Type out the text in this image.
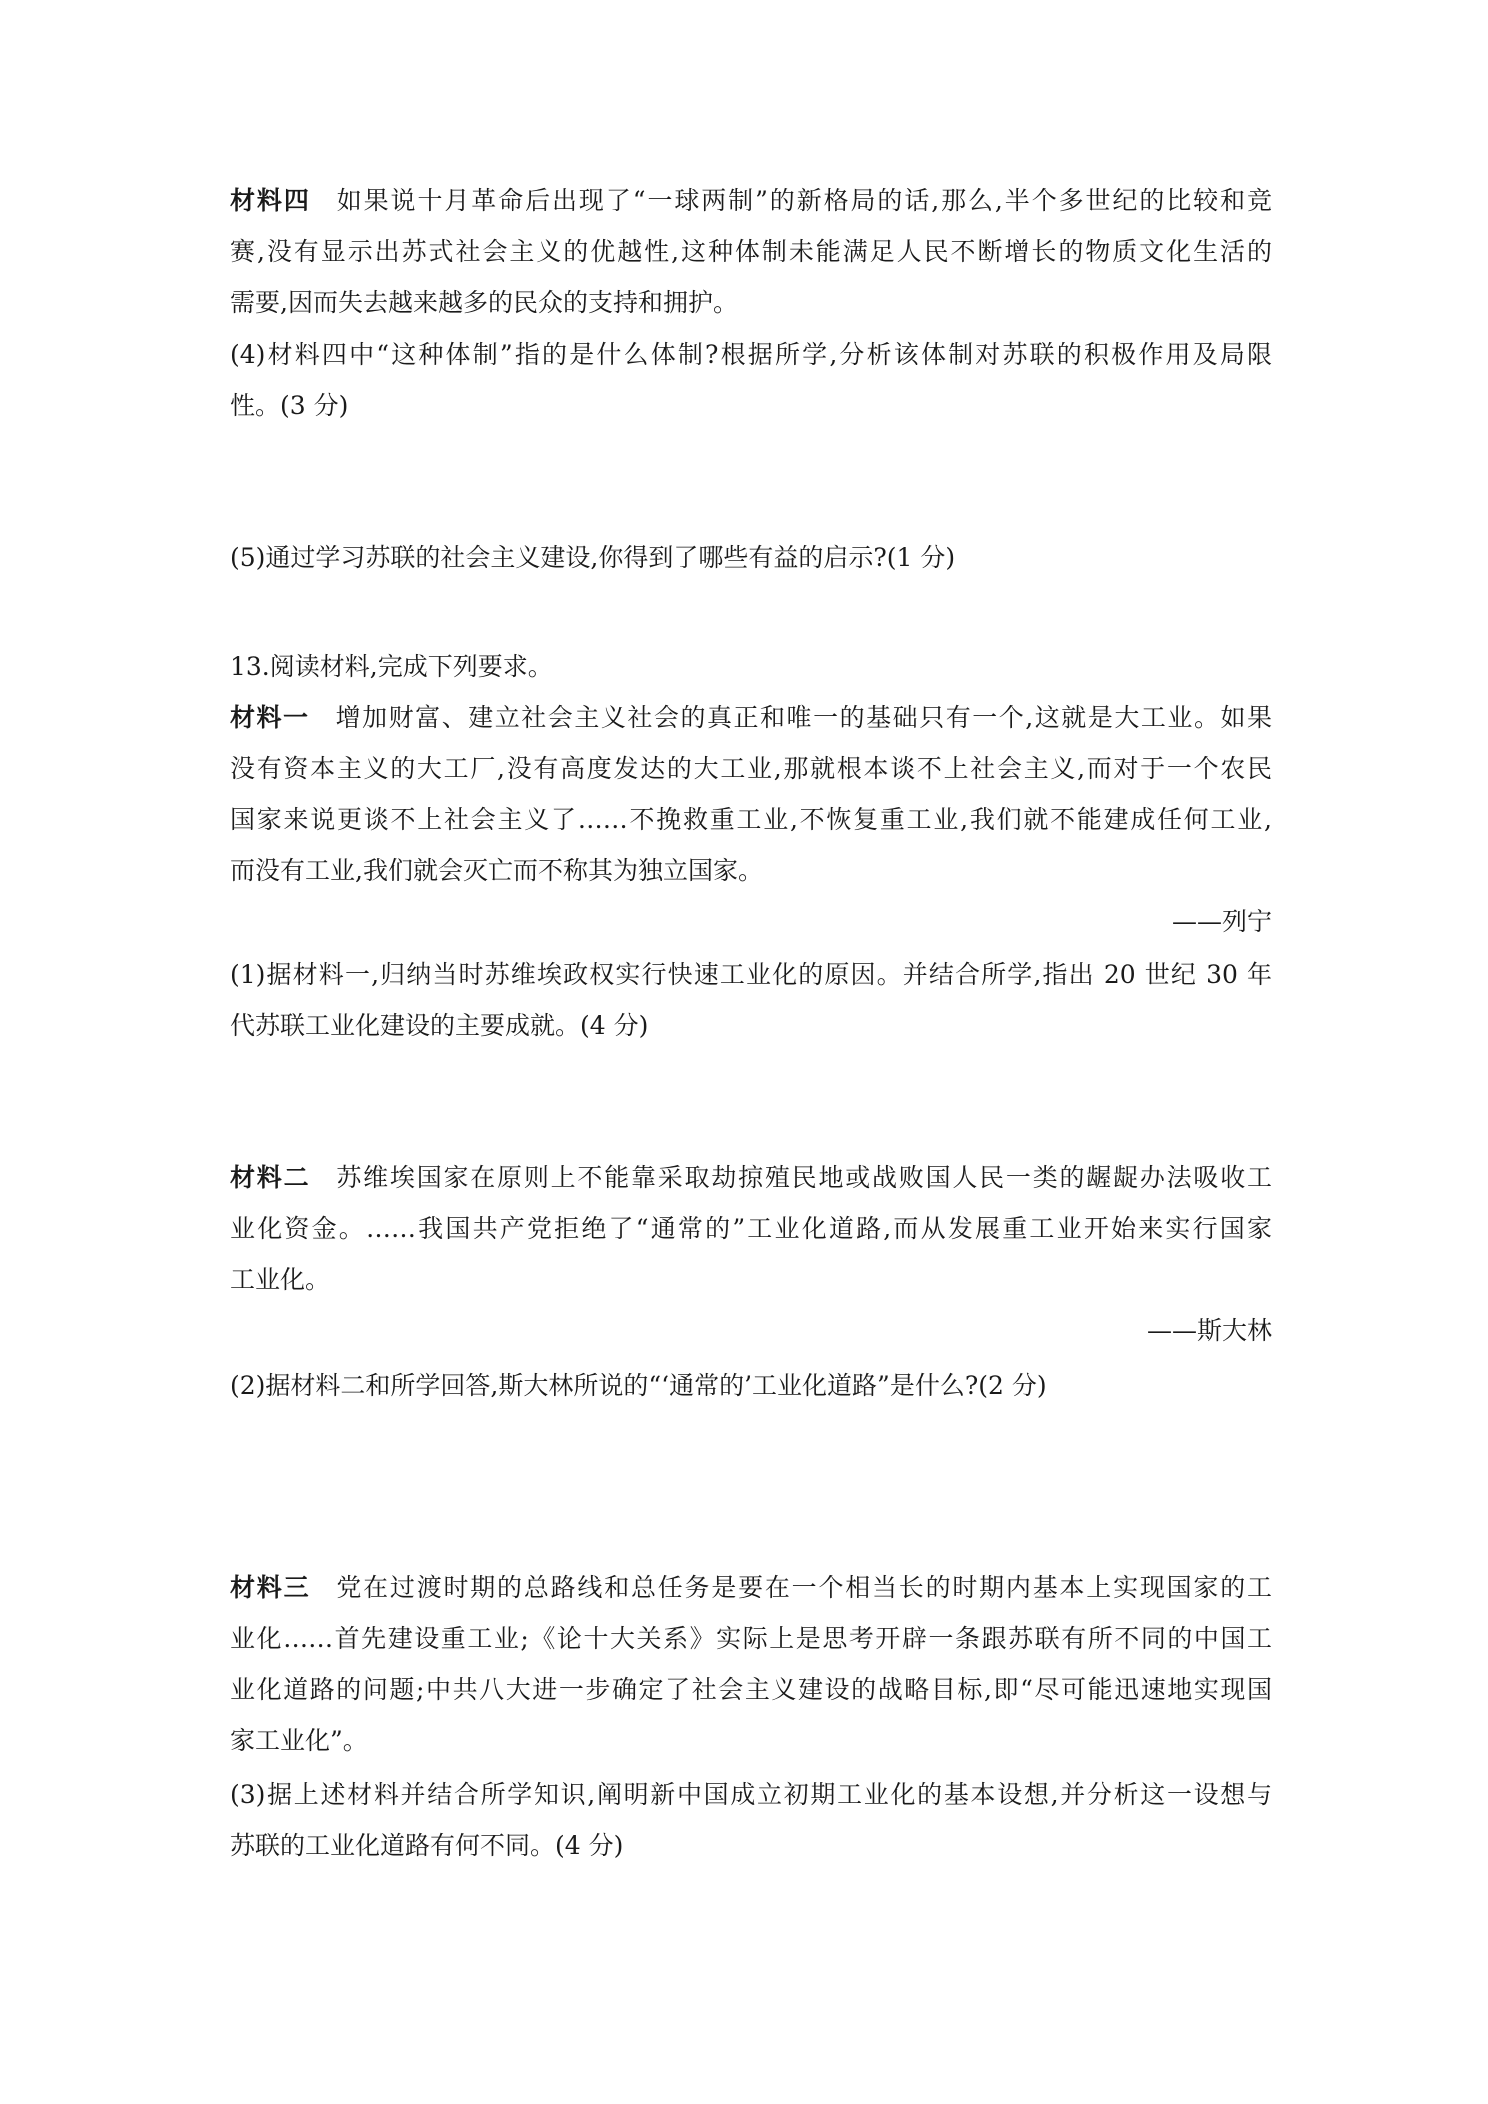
材料四 如果说十月革命后出现了“一球两制”的新格局的话,那么,半个多世纪的比较和竞
赛,没有显示出苏式社会主义的优越性,这种体制未能满足人民不断增长的物质文化生活的
需要,因而失去越来越多的民众的支持和拥护。
(4)材料四中“这种体制”指的是什么体制?根据所学,分析该体制对苏联的积极作用及局限
性。(3 分)
(5)通过学习苏联的社会主义建设,你得到了哪些有益的启示?(1 分)
13.阅读材料,完成下列要求。
材料一 增加财富、建立社会主义社会的真正和唯一的基础只有一个,这就是大工业。如果
没有资本主义的大工厂,没有高度发达的大工业,那就根本谈不上社会主义,而对于一个农民
国家来说更谈不上社会主义了……不挽救重工业,不恢复重工业,我们就不能建成任何工业,
而没有工业,我们就会灭亡而不称其为独立国家。
——列宁
(1)据材料一,归纳当时苏维埃政权实行快速工业化的原因。并结合所学,指出 20 世纪 30 年
代苏联工业化建设的主要成就。(4 分)
材料二 苏维埃国家在原则上不能靠采取劫掠殖民地或战败国人民一类的龌龊办法吸收工
业化资金。……我国共产党拒绝了“通常的”工业化道路,而从发展重工业开始来实行国家
工业化。
——斯大林
(2)据材料二和所学回答,斯大林所说的“‘通常的’工业化道路”是什么?(2 分)
材料三 党在过渡时期的总路线和总任务是要在一个相当长的时期内基本上实现国家的工
业化……首先建设重工业;《论十大关系》实际上是思考开辟一条跟苏联有所不同的中国工
业化道路的问题;中共八大进一步确定了社会主义建设的战略目标,即“尽可能迅速地实现国
家工业化”。
(3)据上述材料并结合所学知识,阐明新中国成立初期工业化的基本设想,并分析这一设想与
苏联的工业化道路有何不同。(4 分)
